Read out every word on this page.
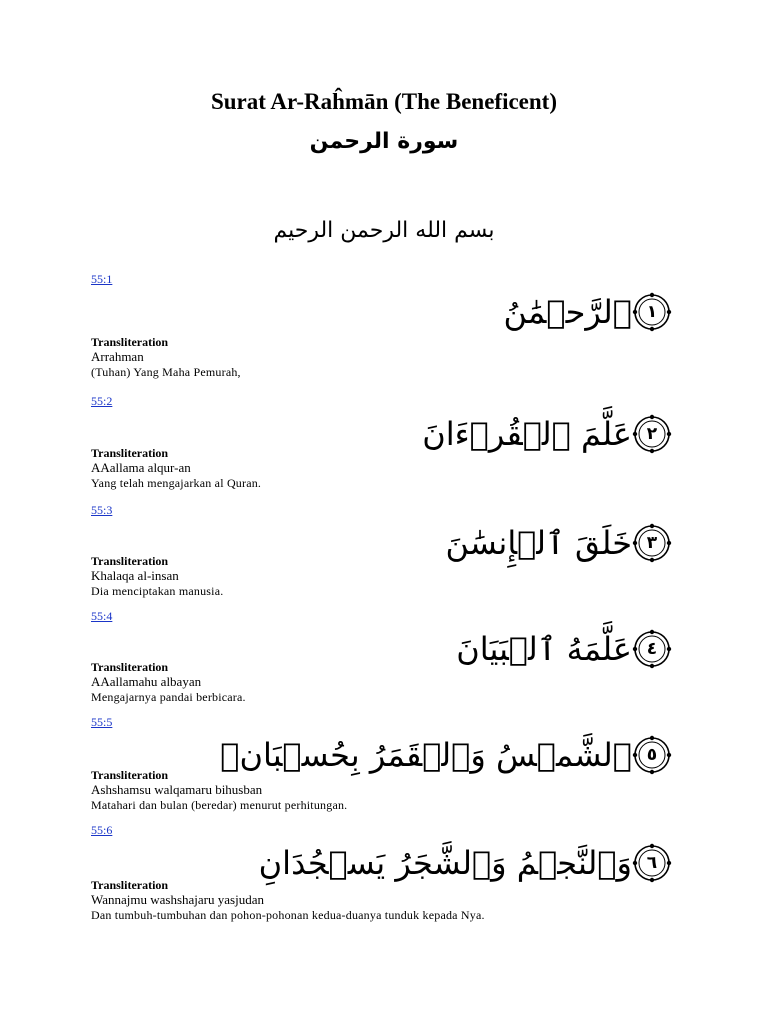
Surat Ar-Raĥmān (The Beneficent)
سورة الرحمن
بسم الله الرحمن الرحيم
55:1
ٱلرَّحۡمَٰنُ ١
Transliteration
Arrahman
(Tuhan) Yang Maha Pemurah,
55:2
عَلَّمَ ٱلۡقُرۡءَانَ ٢
Transliteration
AAallama alqur-an
Yang telah mengajarkan al Quran.
55:3
خَلَقَ ٱلۡإِنسَٰنَ ٣
Transliteration
Khalaqa al-insan
Dia menciptakan manusia.
55:4
عَلَّمَهُ ٱلۡبَيَانَ ٤
Transliteration
AAallamahu albayan
Mengajarnya pandai berbicara.
55:5
ٱلشَّمۡسُ وَٱلۡقَمَرُ بِحُسۡبَانٖ ٥
Transliteration
Ashshamsu walqamaru bihusban
Matahari dan bulan (beredar) menurut perhitungan.
55:6
وَٱلنَّجۡمُ وَٱلشَّجَرُ يَسۡجُدَانِ ٦
Transliteration
Wannajmu washshajaru yasjudan
Dan tumbuh-tumbuhan dan pohon-pohonan kedua-duanya tunduk kepada Nya.
